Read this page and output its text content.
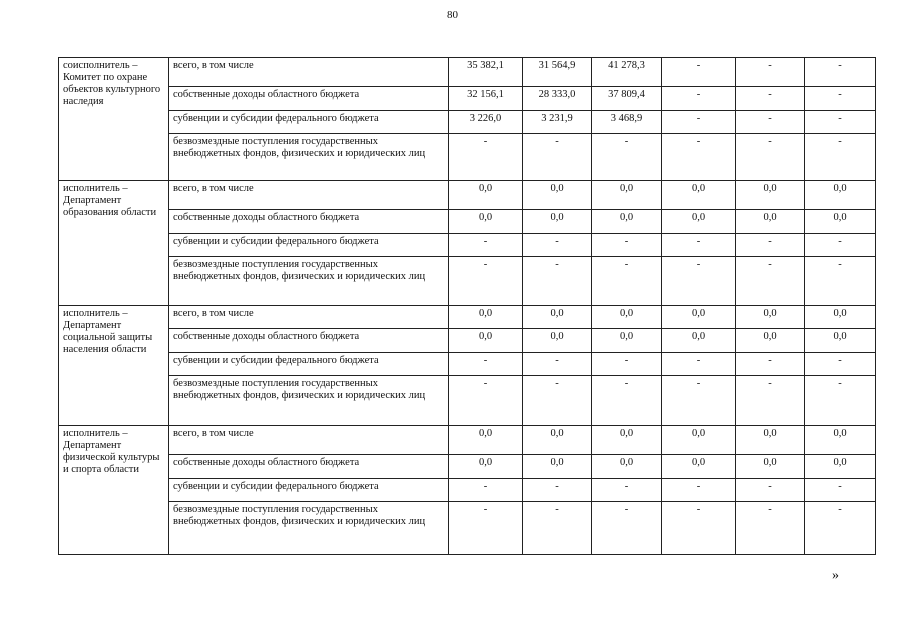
80
соисполнитель – Комитет по охране объектов культурного наследия	всего, в том числе	35 382,1	31 564,9	41 278,3	-	-	-
	собственные доходы областного бюджета	32 156,1	28 333,0	37 809,4	-	-	-
	субвенции и субсидии федерального бюджета	3 226,0	3 231,9	3 468,9	-	-	-
	безвозмездные поступления государственных внебюджетных фондов, физических и юридических лиц	-	-	-	-	-	-
исполнитель – Департамент образования области	всего, в том числе	0,0	0,0	0,0	0,0	0,0	0,0
	собственные доходы областного бюджета	0,0	0,0	0,0	0,0	0,0	0,0
	субвенции и субсидии федерального бюджета	-	-	-	-	-	-
	безвозмездные поступления государственных внебюджетных фондов, физических и юридических лиц	-	-	-	-	-	-
исполнитель – Департамент социальной защиты населения области	всего, в том числе	0,0	0,0	0,0	0,0	0,0	0,0
	собственные доходы областного бюджета	0,0	0,0	0,0	0,0	0,0	0,0
	субвенции и субсидии федерального бюджета	-	-	-	-	-	-
	безвозмездные поступления государственных внебюджетных фондов, физических и юридических лиц	-	-	-	-	-	-
исполнитель – Департамент физической культуры и спорта области	всего, в том числе	0,0	0,0	0,0	0,0	0,0	0,0
	собственные доходы областного бюджета	0,0	0,0	0,0	0,0	0,0	0,0
	субвенции и субсидии федерального бюджета	-	-	-	-	-	-
	безвозмездные поступления государственных внебюджетных фондов, физических и юридических лиц	-	-	-	-	-	-
»
